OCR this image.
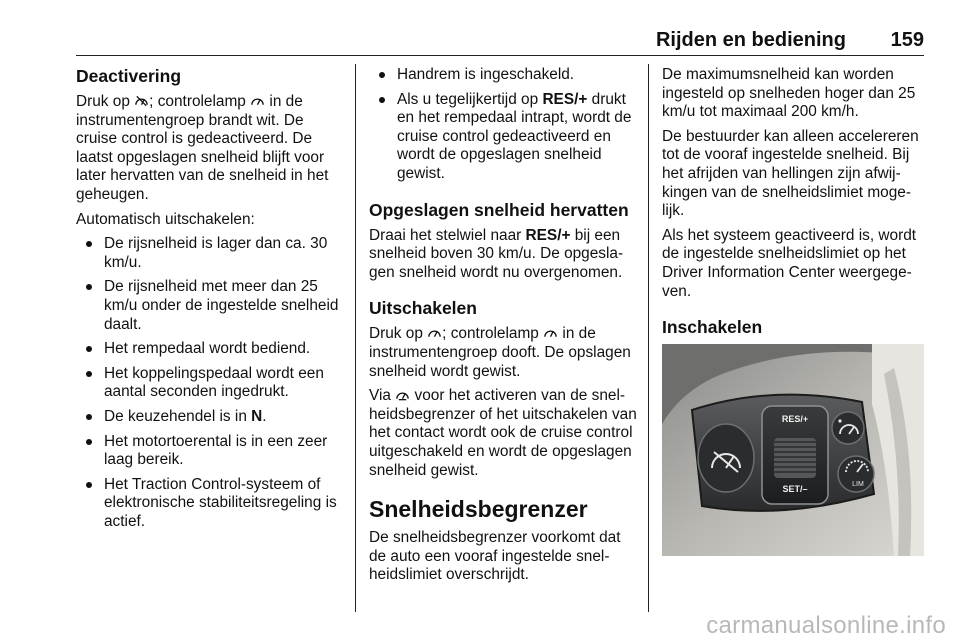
Rijden en bediening 159
Deactivering

Druk op ; controlelamp  in de instrumentengroep brandt wit. De cruise control is gedeactiveerd. De laatst opgeslagen snelheid blijft voor later hervatten van de snelheid in het geheugen.

Automatisch uitschakelen:

De rijsnelheid is lager dan ca. 30 km/u.
De rijsnelheid met meer dan 25 km/u onder de ingestelde snelheid daalt.
Het rempedaal wordt bediend.
Het koppelingspedaal wordt een aantal seconden ingedrukt.
De keuzehendel is in N.
Het motortoerental is in een zeer laag bereik.
Het Traction Control-systeem of elektronische stabiliteitsregeling is actief.
Handrem is ingeschakeld.
Als u tegelijkertijd op RES/+ drukt en het rempedaal intrapt, wordt de cruise control gedeactiveerd en wordt de opgeslagen snelheid gewist.
Opgeslagen snelheid hervatten

Draai het stelwiel naar RES/+ bij een snelheid boven 30 km/u. De opgeslagen snelheid wordt nu overgenomen.

Uitschakelen

Druk op ; controlelamp  in de instrumentengroep dooft. De opslagen snelheid wordt gewist.

Via  voor het activeren van de snelheidsbegrenzer of het uitschakelen van het contact wordt ook de cruise control uitgeschakeld en wordt de opgeslagen snelheid gewist.

Snelheidsbegrenzer

De snelheidsbegrenzer voorkomt dat de auto een vooraf ingestelde snelheidslimiet overschrijdt.

De maximumsnelheid kan worden ingesteld op snelheden hoger dan 25 km/u tot maximaal 200 km/h.

De bestuurder kan alleen accelereren tot de vooraf ingestelde snelheid. Bij het afrijden van hellingen zijn afwijkingen van de snelheidslimiet mogelijk.

Als het systeem geactiveerd is, wordt de ingestelde snelheidslimiet op het Driver Information Center weergegeven.

Inschakelen
RES/+
SET/–	LIM
carmanualsonline.info
